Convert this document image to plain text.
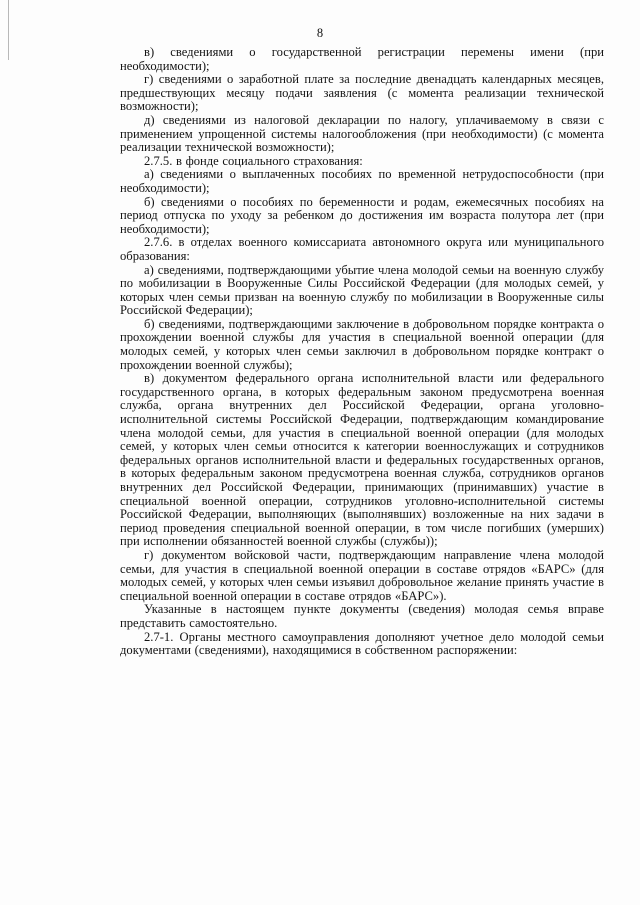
8

в) сведениями о государственной регистрации перемены имени (при необходимости);

г) сведениями о заработной плате за последние двенадцать календарных месяцев, предшествующих месяцу подачи заявления (с момента реализации технической возможности);

д) сведениями из налоговой декларации по налогу, уплачиваемому в связи с применением упрощенной системы налогообложения (при необходимости) (с момента реализации технической возможности);

2.7.5. в фонде социального страхования:

а) сведениями о выплаченных пособиях по временной нетрудоспособности (при необходимости);

б) сведениями о пособиях по беременности и родам, ежемесячных пособиях на период отпуска по уходу за ребенком до достижения им возраста полутора лет (при необходимости);

2.7.6. в отделах военного комиссариата автономного округа или муниципального образования:

а) сведениями, подтверждающими убытие члена молодой семьи на военную службу по мобилизации в Вооруженные Силы Российской Федерации (для молодых семей, у которых член семьи призван на военную службу по мобилизации в Вооруженные силы Российской Федерации);

б) сведениями, подтверждающими заключение в добровольном порядке контракта о прохождении военной службы для участия в специальной военной операции (для молодых семей, у которых член семьи заключил в добровольном порядке контракт о прохождении военной службы);

в) документом федерального органа исполнительной власти или федерального государственного органа, в которых федеральным законом предусмотрена военная служба, органа внутренних дел Российской Федерации, органа уголовно-исполнительной системы Российской Федерации, подтверждающим командирование члена молодой семьи, для участия в специальной военной операции (для молодых семей, у которых член семьи относится к категории военнослужащих и сотрудников федеральных органов исполнительной власти и федеральных государственных органов, в которых федеральным законом предусмотрена военная служба, сотрудников органов внутренних дел Российской Федерации, принимающих (принимавших) участие в специальной военной операции, сотрудников уголовно-исполнительной системы Российской Федерации, выполняющих (выполнявших) возложенные на них задачи в период проведения специальной военной операции, в том числе погибших (умерших) при исполнении обязанностей военной службы (службы));

г) документом войсковой части, подтверждающим направление члена молодой семьи, для участия в специальной военной операции в составе отрядов «БАРС» (для молодых семей, у которых член семьи изъявил добровольное желание принять участие в специальной военной операции в составе отрядов «БАРС»).

Указанные в настоящем пункте документы (сведения) молодая семья вправе представить самостоятельно.

2.7-1. Органы местного самоуправления дополняют учетное дело молодой семьи документами (сведениями), находящимися в собственном распоряжении:
